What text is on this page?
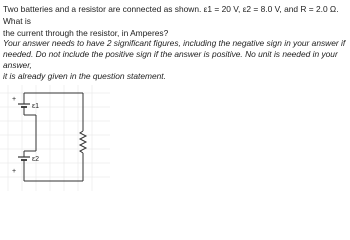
Two batteries and a resistor are connected as shown. ε1 = 20 V, ε2 = 8.0 V, and R = 2.0 Ω. What is
the current through the resistor, in Amperes?

Your answer needs to have 2 significant figures, including the negative sign in your answer if
needed. Do not include the positive sign if the answer is positive. No unit is needed in your answer,
it is already given in the question statement.

+
+
ε1
ε2
